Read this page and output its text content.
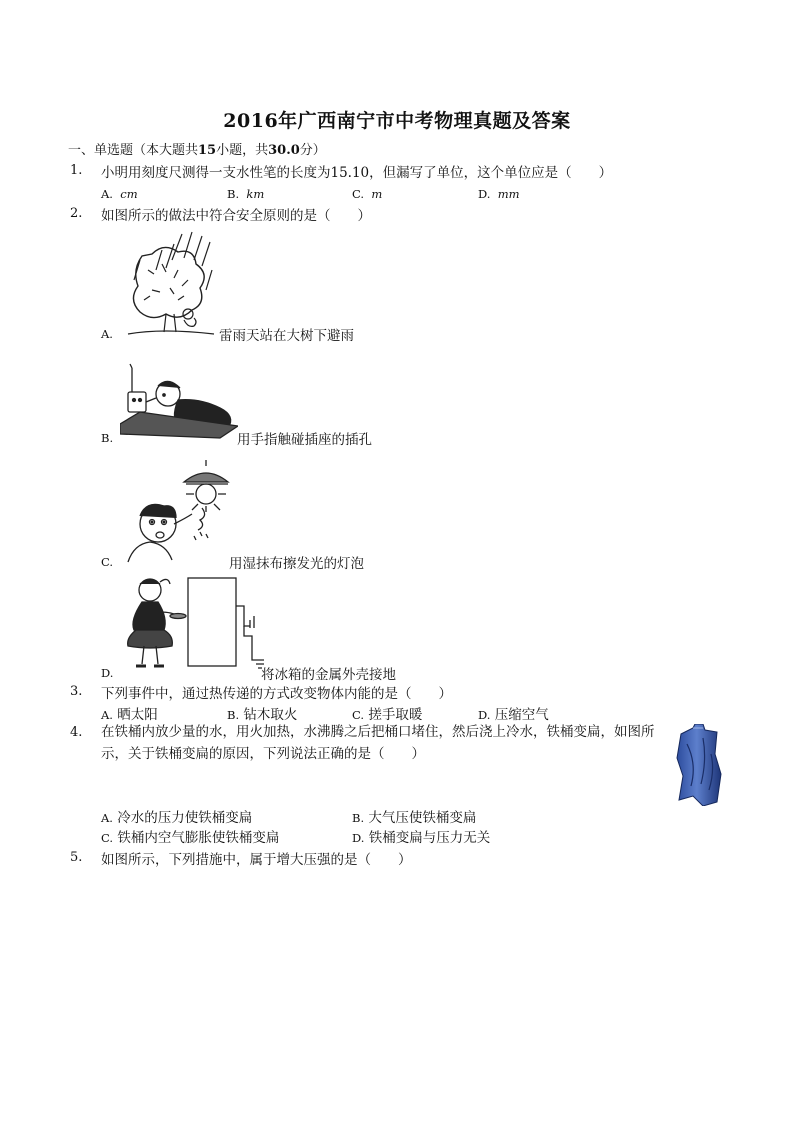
2016年广西南宁市中考物理真题及答案
一、单选题（本大题共15小题，共30.0分）
1. 小明用刻度尺测得一支水性笔的长度为15.10，但漏写了单位，这个单位应是（　　）
A. cm	B. km	C. m	D. mm
2. 如图所示的做法中符合安全原则的是（　　）
A.	雷雨天站在大树下避雨
B.	用手指触碰插座的插孔
C.	用湿抹布擦发光的灯泡
D.	将冰箱的金属外壳接地
3. 下列事件中，通过热传递的方式改变物体内能的是（　　）
A. 晒太阳	B. 钻木取火	C. 搓手取暖	D. 压缩空气
4. 在铁桶内放少量的水，用火加热，水沸腾之后把桶口堵住，然后浇上冷水，铁桶变扁，如图所示，关于铁桶变扁的原因，下列说法正确的是（　　）
A. 冷水的压力使铁桶变扁	B. 大气压使铁桶变扁
C. 铁桶内空气膨胀使铁桶变扁	D. 铁桶变扁与压力无关
5. 如图所示，下列措施中，属于增大压强的是（　　）
